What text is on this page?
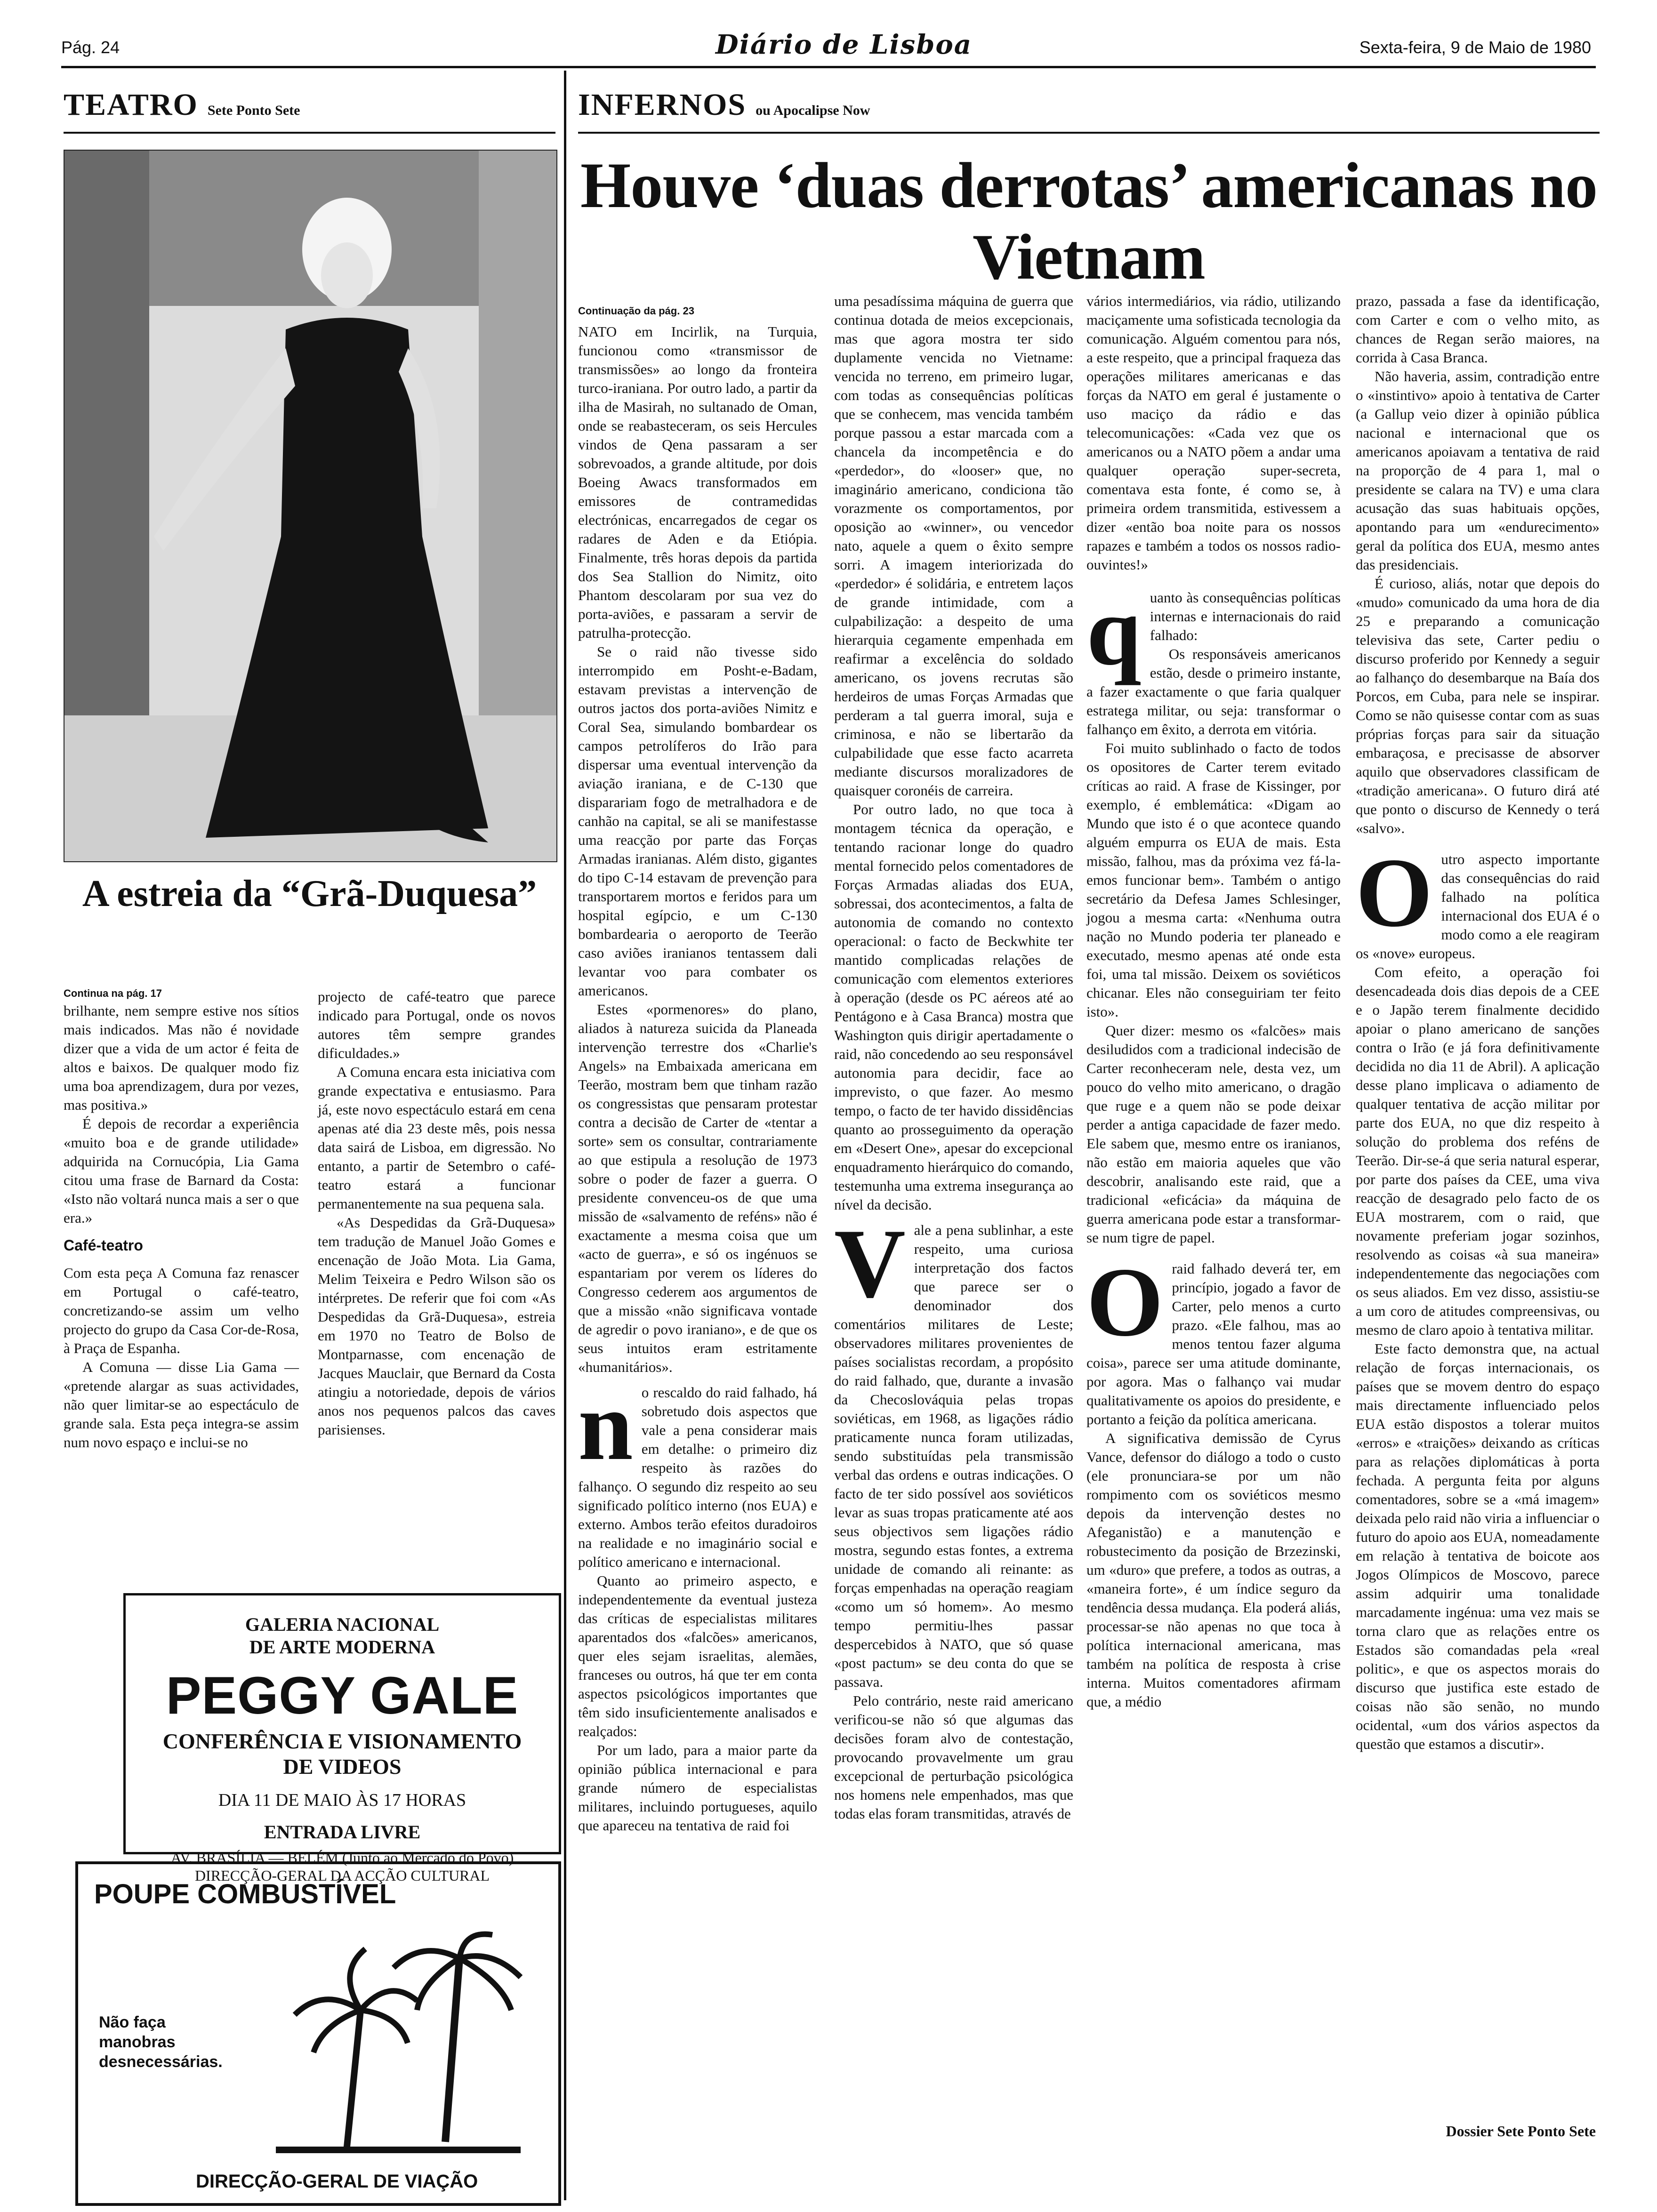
Pág. 24	Diário de Lisboa	Sexta-feira, 9 de Maio de 1980
TEATRO Sete Ponto Sete	INFERNOS ou Apocalipse Now
A estreia da “Grã-Duquesa”
Continua na pág. 17

brilhante, nem sempre estive nos sítios mais indicados. Mas não é novidade dizer que a vida de um actor é feita de altos e baixos. De qualquer modo fiz uma boa aprendizagem, dura por vezes, mas positiva.»

É depois de recordar a experiência «muito boa e de grande utilidade» adquirida na Cornucópia, Lia Gama citou uma frase de Barnard da Costa: «Isto não voltará nunca mais a ser o que era.»

Café-teatro

Com esta peça A Comuna faz renascer em Portugal o café-teatro, concretizando-se assim um velho projecto do grupo da Casa Cor-de-Rosa, à Praça de Espanha.

A Comuna — disse Lia Gama — «pretende alargar as suas actividades, não quer limitar-se ao espectáculo de grande sala. Esta peça integra-se assim num novo espaço e inclui-se no

projecto de café-teatro que parece indicado para Portugal, onde os novos autores têm sempre grandes dificuldades.»

A Comuna encara esta iniciativa com grande expectativa e entusiasmo. Para já, este novo espectáculo estará em cena apenas até dia 23 deste mês, pois nessa data sairá de Lisboa, em digressão. No entanto, a partir de Setembro o café-teatro estará a funcionar permanentemente na sua pequena sala.

«As Despedidas da Grã-Duquesa» tem tradução de Manuel João Gomes e encenação de João Mota. Lia Gama, Melim Teixeira e Pedro Wilson são os intérpretes. De referir que foi com «As Despedidas da Grã-Duquesa», estreia em 1970 no Teatro de Bolso de Montparnasse, com encenação de Jacques Mauclair, que Bernard da Costa atingiu a notoriedade, depois de vários anos nos pequenos palcos das caves parisienses.

GALERIA NACIONAL
DE ARTE MODERNA
PEGGY GALE
CONFERÊNCIA E VISIONAMENTO
DE VIDEOS
DIA 11 DE MAIO ÀS 17 HORAS
ENTRADA LIVRE
AV. BRASÍLIA — BELÉM (Junto ao Mercado do Povo)
DIRECÇÃO-GERAL DA ACÇÃO CULTURAL
POUPE COMBUSTÍVEL
Não faça manobras desnecessárias.
DIRECÇÃO-GERAL DE VIAÇÃO
Houve ‘duas derrotas’ americanas no Vietnam
Continuação da pág. 23

NATO em Incirlik, na Turquia, funcionou como «transmissor de transmissões» ao longo da fronteira turco-iraniana. Por outro lado, a partir da ilha de Masirah, no sultanado de Oman, onde se reabasteceram, os seis Hercules vindos de Qena passaram a ser sobrevoados, a grande altitude, por dois Boeing Awacs transformados em emissores de contramedidas electrónicas, encarregados de cegar os radares de Aden e da Etiópia. Finalmente, três horas depois da partida dos Sea Stallion do Nimitz, oito Phantom descolaram por sua vez do porta-aviões, e passaram a servir de patrulha-protecção.

Se o raid não tivesse sido interrompido em Posht-e-Badam, estavam previstas a intervenção de outros jactos dos porta-aviões Nimitz e Coral Sea, simulando bombardear os campos petrolíferos do Irão para dispersar uma eventual intervenção da aviação iraniana, e de C-130 que disparariam fogo de metralhadora e de canhão na capital, se ali se manifestasse uma reacção por parte das Forças Armadas iranianas. Além disto, gigantes do tipo C-14 estavam de prevenção para transportarem mortos e feridos para um hospital egípcio, e um C-130 bombardearia o aeroporto de Teerão caso aviões iranianos tentassem dali levantar voo para combater os americanos.

Estes «pormenores» do plano, aliados à natureza suicida da Planeada intervenção terrestre dos «Charlie's Angels» na Embaixada americana em Teerão, mostram bem que tinham razão os congressistas que pensaram protestar contra a decisão de Carter de «tentar a sorte» sem os consultar, contrariamente ao que estipula a resolução de 1973 sobre o poder de fazer a guerra. O presidente convenceu-os de que uma missão de «salvamento de reféns» não é exactamente a mesma coisa que um «acto de guerra», e só os ingénuos se espantariam por verem os líderes do Congresso cederem aos argumentos de que a missão «não significava vontade de agredir o povo iraniano», e de que os seus intuitos eram estritamente «humanitários».

no rescaldo do raid falhado, há sobretudo dois aspectos que vale a pena considerar mais em detalhe: o primeiro diz respeito às razões do falhanço. O segundo diz respeito ao seu significado político interno (nos EUA) e externo. Ambos terão efeitos duradoiros na realidade e no imaginário social e político americano e internacional.

Quanto ao primeiro aspecto, e independentemente da eventual justeza das críticas de especialistas militares aparentados dos «falcões» americanos, quer eles sejam israelitas, alemães, franceses ou outros, há que ter em conta aspectos psicológicos importantes que têm sido insuficientemente analisados e realçados:

Por um lado, para a maior parte da opinião pública internacional e para grande número de especialistas militares, incluindo portugueses, aquilo que apareceu na tentativa de raid foi

uma pesadíssima máquina de guerra que continua dotada de meios excepcionais, mas que agora mostra ter sido duplamente vencida no Vietname: vencida no terreno, em primeiro lugar, com todas as consequências políticas que se conhecem, mas vencida também porque passou a estar marcada com a chancela da incompetência e do «perdedor», do «looser» que, no imaginário americano, condiciona tão vorazmente os comportamentos, por oposição ao «winner», ou vencedor nato, aquele a quem o êxito sempre sorri. A imagem interiorizada do «perdedor» é solidária, e entretem laços de grande intimidade, com a culpabilização: a despeito de uma hierarquia cegamente empenhada em reafirmar a excelência do soldado americano, os jovens recrutas são herdeiros de umas Forças Armadas que perderam a tal guerra imoral, suja e criminosa, e não se libertarão da culpabilidade que esse facto acarreta mediante discursos moralizadores de quaisquer coronéis de carreira.

Por outro lado, no que toca à montagem técnica da operação, e tentando racionar longe do quadro mental fornecido pelos comentadores de Forças Armadas aliadas dos EUA, sobressai, dos acontecimentos, a falta de autonomia de comando no contexto operacional: o facto de Beckwhite ter mantido complicadas relações de comunicação com elementos exteriores à operação (desde os PC aéreos até ao Pentágono e à Casa Branca) mostra que Washington quis dirigir apertadamente o raid, não concedendo ao seu responsável autonomia para decidir, face ao imprevisto, o que fazer. Ao mesmo tempo, o facto de ter havido dissidências quanto ao prosseguimento da operação em «Desert One», apesar do excepcional enquadramento hierárquico do comando, testemunha uma extrema insegurança ao nível da decisão.

Vale a pena sublinhar, a este respeito, uma curiosa interpretação dos factos que parece ser o denominador dos comentários militares de Leste; observadores militares provenientes de países socialistas recordam, a propósito do raid falhado, que, durante a invasão da Checoslováquia pelas tropas soviéticas, em 1968, as ligações rádio praticamente nunca foram utilizadas, sendo substituídas pela transmissão verbal das ordens e outras indicações. O facto de ter sido possível aos soviéticos levar as suas tropas praticamente até aos seus objectivos sem ligações rádio mostra, segundo estas fontes, a extrema unidade de comando ali reinante: as forças empenhadas na operação reagiam «como um só homem». Ao mesmo tempo permitiu-lhes passar despercebidos à NATO, que só quase «post pactum» se deu conta do que se passava.

Pelo contrário, neste raid americano verificou-se não só que algumas das decisões foram alvo de contestação, provocando provavelmente um grau excepcional de perturbação psicológica nos homens nele empenhados, mas que todas elas foram transmitidas, através de

vários intermediários, via rádio, utilizando maciçamente uma sofisticada tecnologia da comunicação. Alguém comentou para nós, a este respeito, que a principal fraqueza das operações militares americanas e das forças da NATO em geral é justamente o uso maciço da rádio e das telecomunicações: «Cada vez que os americanos ou a NATO põem a andar uma qualquer operação super-secreta, comentava esta fonte, é como se, à primeira ordem transmitida, estivessem a dizer «então boa noite para os nossos rapazes e também a todos os nossos radio-ouvintes!»

quanto às consequências políticas internas e internacionais do raid falhado:

Os responsáveis americanos estão, desde o primeiro instante, a fazer exactamente o que faria qualquer estratega militar, ou seja: transformar o falhanço em êxito, a derrota em vitória.

Foi muito sublinhado o facto de todos os opositores de Carter terem evitado críticas ao raid. A frase de Kissinger, por exemplo, é emblemática: «Digam ao Mundo que isto é o que acontece quando alguém empurra os EUA de mais. Esta missão, falhou, mas da próxima vez fá-la-emos funcionar bem». Também o antigo secretário da Defesa James Schlesinger, jogou a mesma carta: «Nenhuma outra nação no Mundo poderia ter planeado e executado, mesmo apenas até onde esta foi, uma tal missão. Deixem os soviéticos chicanar. Eles não conseguiriam ter feito isto».

Quer dizer: mesmo os «falcões» mais desiludidos com a tradicional indecisão de Carter reconheceram nele, desta vez, um pouco do velho mito americano, o dragão que ruge e a quem não se pode deixar perder a antiga capacidade de fazer medo. Ele sabem que, mesmo entre os iranianos, não estão em maioria aqueles que vão descobrir, analisando este raid, que a tradicional «eficácia» da máquina de guerra americana pode estar a transformar-se num tigre de papel.

Oraid falhado deverá ter, em princípio, jogado a favor de Carter, pelo menos a curto prazo. «Ele falhou, mas ao menos tentou fazer alguma coisa», parece ser uma atitude dominante, por agora. Mas o falhanço vai mudar qualitativamente os apoios do presidente, e portanto a feição da política americana.

A significativa demissão de Cyrus Vance, defensor do diálogo a todo o custo (ele pronunciara-se por um não rompimento com os soviéticos mesmo depois da intervenção destes no Afeganistão) e a manutenção e robustecimento da posição de Brzezinski, um «duro» que prefere, a todos as outras, a «maneira forte», é um índice seguro da tendência dessa mudança. Ela poderá aliás, processar-se não apenas no que toca à política internacional americana, mas também na política de resposta à crise interna. Muitos comentadores afirmam que, a médio

prazo, passada a fase da identificação, com Carter e com o velho mito, as chances de Regan serão maiores, na corrida à Casa Branca.

Não haveria, assim, contradição entre o «instintivo» apoio à tentativa de Carter (a Gallup veio dizer à opinião pública nacional e internacional que os americanos apoiavam a tentativa de raid na proporção de 4 para 1, mal o presidente se calara na TV) e uma clara acusação das suas habituais opções, apontando para um «endurecimento» geral da política dos EUA, mesmo antes das presidenciais.

É curioso, aliás, notar que depois do «mudo» comunicado da uma hora de dia 25 e preparando a comunicação televisiva das sete, Carter pediu o discurso proferido por Kennedy a seguir ao falhanço do desembarque na Baía dos Porcos, em Cuba, para nele se inspirar. Como se não quisesse contar com as suas próprias forças para sair da situação embaraçosa, e precisasse de absorver aquilo que observadores classificam de «tradição americana». O futuro dirá até que ponto o discurso de Kennedy o terá «salvo».

Outro aspecto importante das consequências do raid falhado na política internacional dos EUA é o modo como a ele reagiram os «nove» europeus.

Com efeito, a operação foi desencadeada dois dias depois de a CEE e o Japão terem finalmente decidido apoiar o plano americano de sanções contra o Irão (e já fora definitivamente decidida no dia 11 de Abril). A aplicação desse plano implicava o adiamento de qualquer tentativa de acção militar por parte dos EUA, no que diz respeito à solução do problema dos reféns de Teerão. Dir-se-á que seria natural esperar, por parte dos países da CEE, uma viva reacção de desagrado pelo facto de os EUA mostrarem, com o raid, que novamente preferiam jogar sozinhos, resolvendo as coisas «à sua maneira» independentemente das negociações com os seus aliados. Em vez disso, assistiu-se a um coro de atitudes compreensivas, ou mesmo de claro apoio à tentativa militar.

Este facto demonstra que, na actual relação de forças internacionais, os países que se movem dentro do espaço mais directamente influenciado pelos EUA estão dispostos a tolerar muitos «erros» e «traições» deixando as críticas para as relações diplomáticas à porta fechada. A pergunta feita por alguns comentadores, sobre se a «má imagem» deixada pelo raid não viria a influenciar o futuro do apoio aos EUA, nomeadamente em relação à tentativa de boicote aos Jogos Olímpicos de Moscovo, parece assim adquirir uma tonalidade marcadamente ingénua: uma vez mais se torna claro que as relações entre os Estados são comandadas pela «real politic», e que os aspectos morais do discurso que justifica este estado de coisas não são senão, no mundo ocidental, «um dos vários aspectos da questão que estamos a discutir».

Dossier Sete Ponto Sete
